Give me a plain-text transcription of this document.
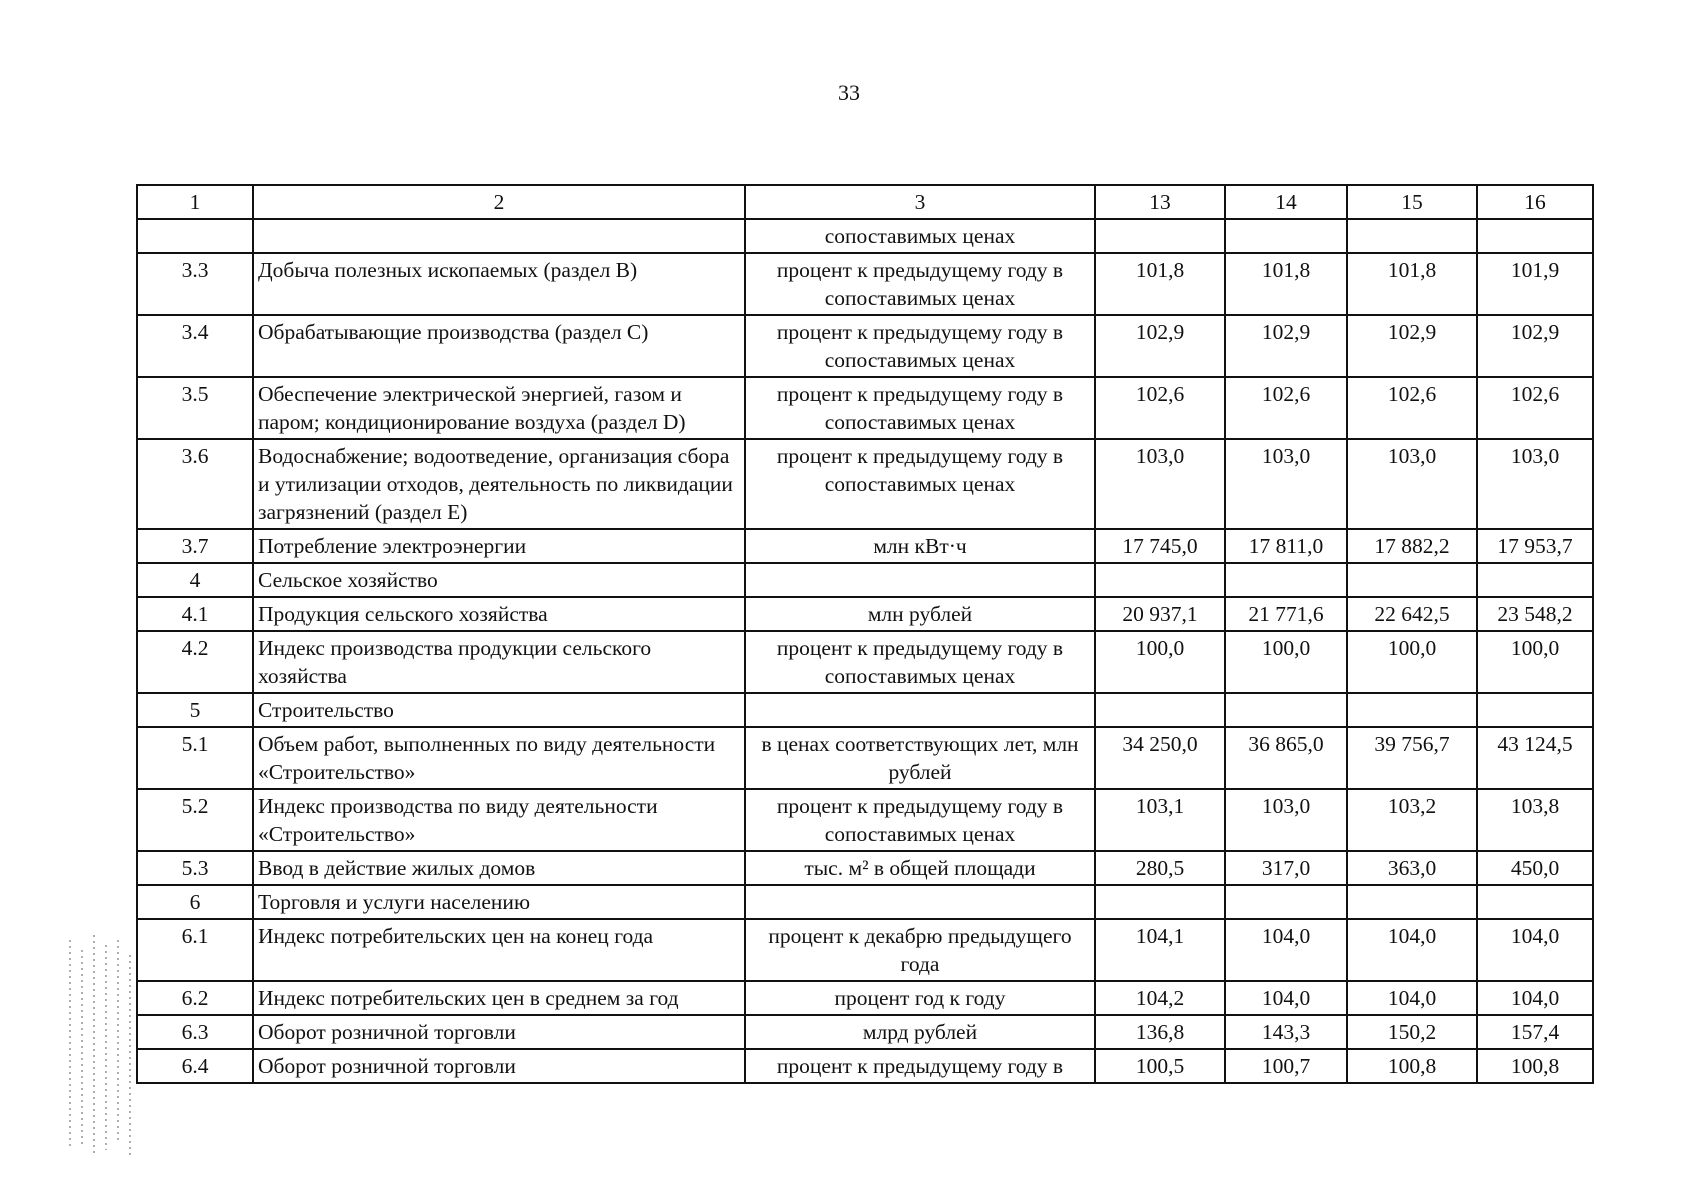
33
1	2	3	13	14	15	16
		сопоставимых ценах				
3.3	Добыча полезных ископаемых (раздел B)	процент к предыдущему году в сопоставимых ценах	101,8	101,8	101,8	101,9
3.4	Обрабатывающие производства (раздел C)	процент к предыдущему году в сопоставимых ценах	102,9	102,9	102,9	102,9
3.5	Обеспечение электрической энергией, газом и паром; кондиционирование воздуха (раздел D)	процент к предыдущему году в сопоставимых ценах	102,6	102,6	102,6	102,6
3.6	Водоснабжение; водоотведение, организация сбора и утилизации отходов, деятельность по ликвидации загрязнений (раздел E)	процент к предыдущему году в сопоставимых ценах	103,0	103,0	103,0	103,0
3.7	Потребление электроэнергии	млн кВт·ч	17 745,0	17 811,0	17 882,2	17 953,7
4	Сельское хозяйство					
4.1	Продукция сельского хозяйства	млн рублей	20 937,1	21 771,6	22 642,5	23 548,2
4.2	Индекс производства продукции сельского хозяйства	процент к предыдущему году в сопоставимых ценах	100,0	100,0	100,0	100,0
5	Строительство					
5.1	Объем работ, выполненных по виду деятельности «Строительство»	в ценах соответствующих лет, млн рублей	34 250,0	36 865,0	39 756,7	43 124,5
5.2	Индекс производства по виду деятельности «Строительство»	процент к предыдущему году в сопоставимых ценах	103,1	103,0	103,2	103,8
5.3	Ввод в действие жилых домов	тыс. м² в общей площади	280,5	317,0	363,0	450,0
6	Торговля и услуги населению					
6.1	Индекс потребительских цен на конец года	процент к декабрю предыдущего года	104,1	104,0	104,0	104,0
6.2	Индекс потребительских цен в среднем за год	процент год к году	104,2	104,0	104,0	104,0
6.3	Оборот розничной торговли	млрд рублей	136,8	143,3	150,2	157,4
6.4	Оборот розничной торговли	процент к предыдущему году в	100,5	100,7	100,8	100,8
